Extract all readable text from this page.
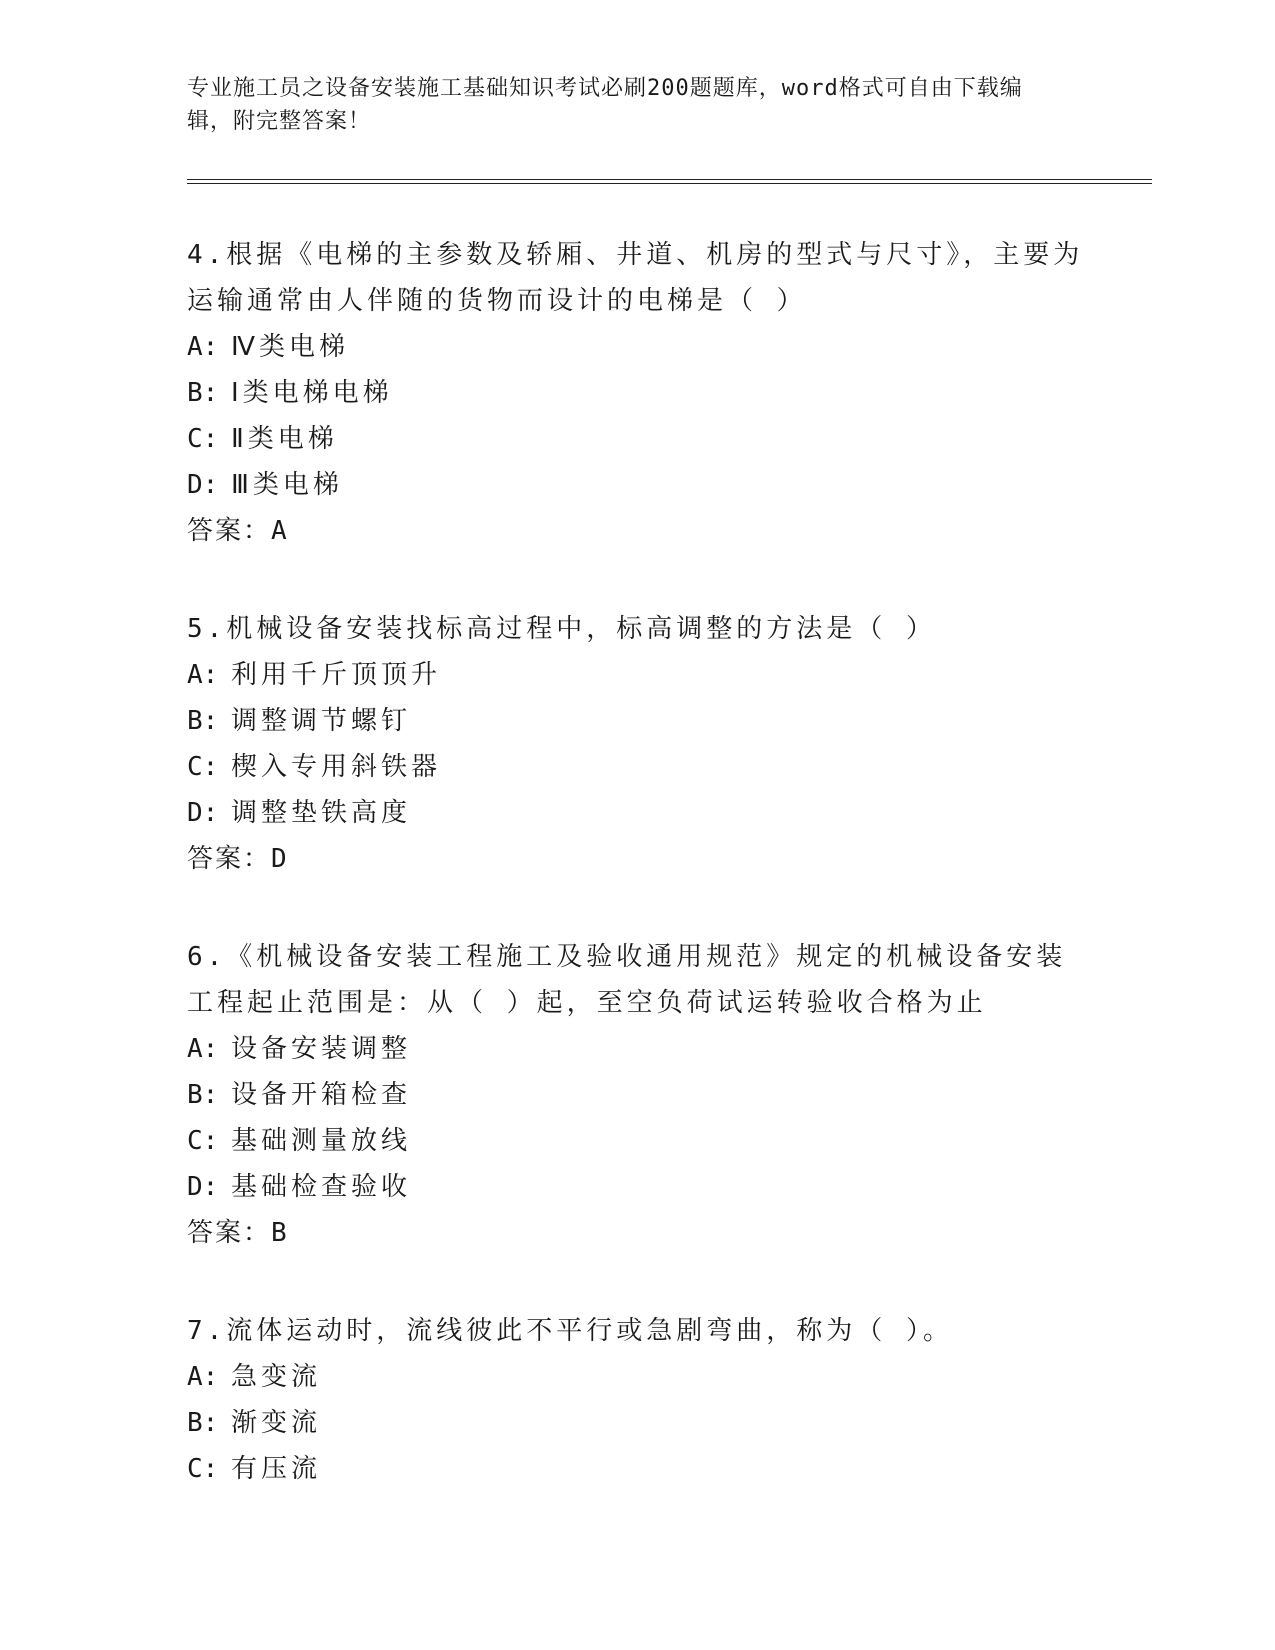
专业施工员之设备安装施工基础知识考试必刷200题题库，word格式可自由下载编辑，附完整答案！
4.根据《电梯的主参数及轿厢、井道、机房的型式与尺寸》，主要为运输通常由人伴随的货物而设计的电梯是（ ）
A: Ⅳ类电梯
B: Ⅰ类电梯电梯
C: Ⅱ类电梯
D: Ⅲ类电梯
答案：A
5.机械设备安装找标高过程中，标高调整的方法是（ ）
A: 利用千斤顶顶升
B: 调整调节螺钉
C: 楔入专用斜铁器
D: 调整垫铁高度
答案：D
6.《机械设备安装工程施工及验收通用规范》规定的机械设备安装工程起止范围是：从（ ）起，至空负荷试运转验收合格为止
A: 设备安装调整
B: 设备开箱检查
C: 基础测量放线
D: 基础检查验收
答案：B
7.流体运动时，流线彼此不平行或急剧弯曲，称为（ ）。
A: 急变流
B: 渐变流
C: 有压流
